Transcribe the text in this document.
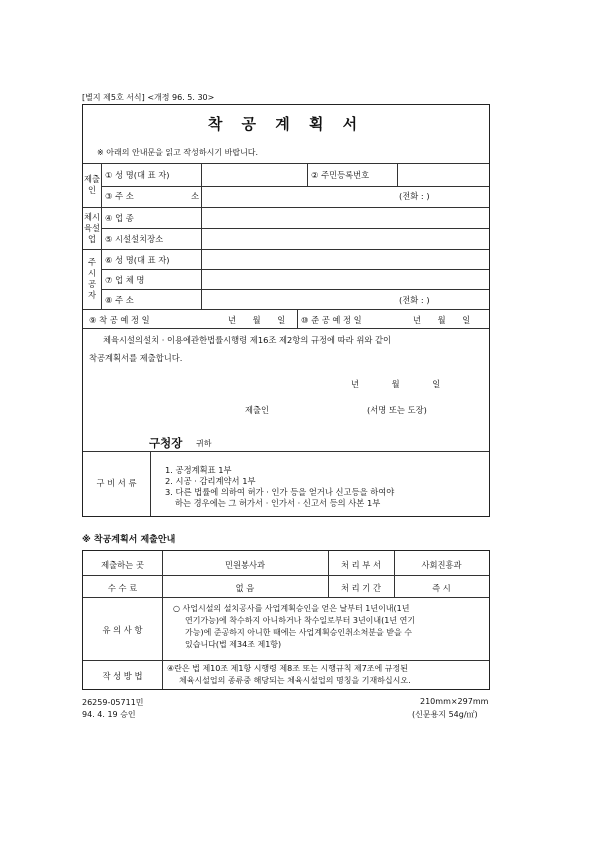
[별지 제5호 서식] <개정 96. 5. 30>
착 공 계 획 서
※ 아래의 안내문을 읽고 작성하시기 바랍니다.
제출
인
① 성 명(대 표 자)	② 주민등록번호
③ 주 소	소	(전화 : )
체시
육설
업
④ 업 종
⑤ 시설설치장소
주
시
공
자
⑥ 성 명(대 표 자)
⑦ 업 체 명
⑧ 주 소	(전화 : )
⑨ 착 공 예 정 일	년 월 일 ⑩ 준 공 예 정 일	년 월 일
체육시설의설치 · 이용에관한법률시행령 제16조 제2항의 규정에 따라 위와 같이
착공계획서를 제출합니다.
년 월 일
제출인	(서명 또는 도장)
구청장 귀하
구 비 서 류
1. 공정계획표 1부
2. 시공 · 감리계약서 1부
3. 다른 법률에 의하여 허가 · 인가 등을 얻거나 신고등을 하여야
하는 경우에는 그 허가서 · 인가서 · 신고서 등의 사본 1부
※ 착공계획서 제출안내
제출하는 곳	민원봉사과	처 리 부 서	사회진흥과
수 수 료	없 음	처 리 기 간	즉 시
유 의 사 항
○ 사업시설의 설치공사를 사업계획승인을 얻은 날부터 1년이내(1년
연기가능)에 착수하지 아니하거나 착수일로부터 3년이내(1년 연기
가능)에 준공하지 아니한 때에는 사업계획승인취소처분을 받을 수
있습니다(법 제34조 제1항)
작 성 방 법
④란은 법 제10조 제1항 시행령 제8조 또는 시행규칙 제7조에 규정된
체육시설업의 종류중 해당되는 체육시설업의 명칭을 기재하십시오.
26259-05711민
94. 4. 19 승인
210mm×297mm
(신문용지 54g/㎡)
